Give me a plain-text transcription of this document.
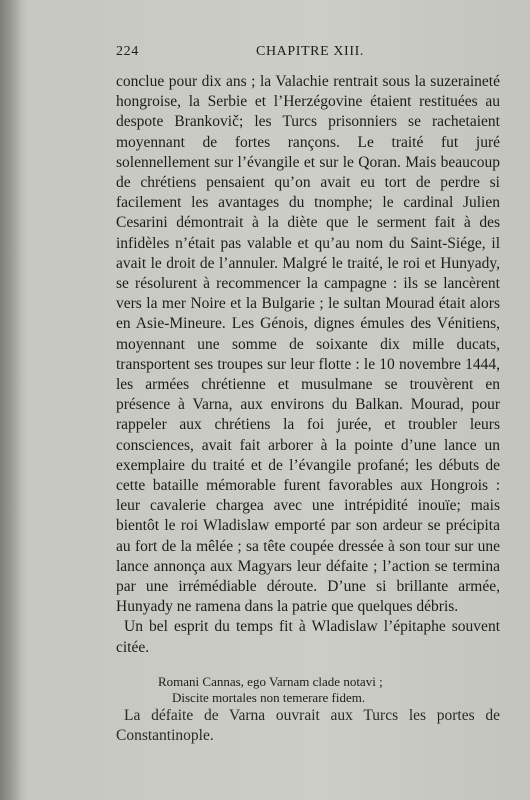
224	CHAPITRE XIII.

conclue pour dix ans ; la Valachie rentrait sous la suzeraineté hongroise, la Serbie et l’Herzégovine étaient restituées au despote Brankovič; les Turcs prisonniers se rachetaient moyennant de fortes rançons. Le traité fut juré solennellement sur l’évangile et sur le Qoran. Mais beaucoup de chrétiens pensaient qu’on avait eu tort de perdre si facilement les avantages du tnomphe; le cardinal Julien Cesarini démontrait à la diète que le serment fait à des infidèles n’était pas valable et qu’au nom du Saint-Siége, il avait le droit de l’annuler. Malgré le traité, le roi et Hunyady, se résolurent à recommencer la campagne : ils se lancèrent vers la mer Noire et la Bulgarie ; le sultan Mourad était alors en Asie-Mineure. Les Génois, dignes émules des Vénitiens, moyennant une somme de soixante dix mille ducats, transportent ses troupes sur leur flotte : le 10 novembre 1444, les armées chrétienne et musulmane se trouvèrent en présence à Varna, aux environs du Balkan. Mourad, pour rappeler aux chrétiens la foi jurée, et troubler leurs consciences, avait fait arborer à la pointe d’une lance un exemplaire du traité et de l’évangile profané; les débuts de cette bataille mémorable furent favorables aux Hongrois : leur cavalerie chargea avec une intrépidité inouïe; mais bientôt le roi Wladislaw emporté par son ardeur se précipita au fort de la mêlée ; sa tête coupée dressée à son tour sur une lance annonça aux Magyars leur défaite ; l’action se termina par une irrémédiable déroute. D’une si brillante armée, Hunyady ne ramena dans la patrie que quelques débris.

Un bel esprit du temps fit à Wladislaw l’épitaphe souvent citée.

Romani Cannas, ego Varnam clade notavi ;
Discite mortales non temerare fidem.

La défaite de Varna ouvrait aux Turcs les portes de Constantinople.
